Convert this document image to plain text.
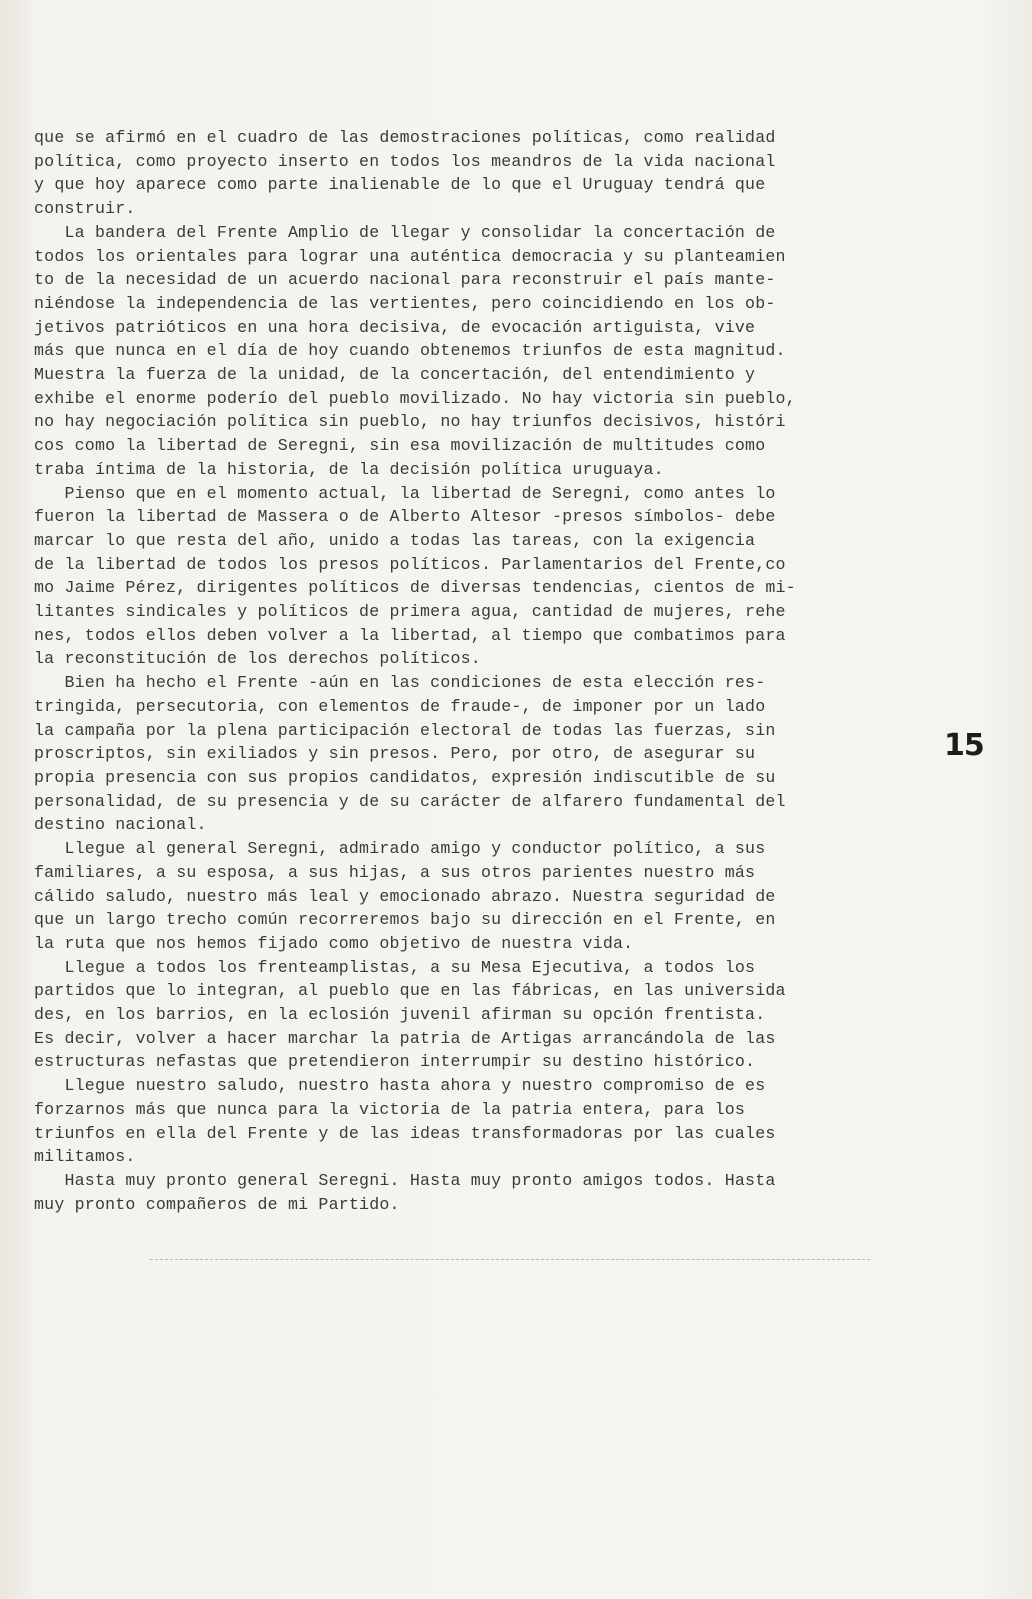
que se afirmó en el cuadro de las demostraciones políticas, como realidad

política, como proyecto inserto en todos los meandros de la vida nacional

y que hoy aparece como parte inalienable de lo que el Uruguay tendrá que

construir.

La bandera del Frente Amplio de llegar y consolidar la concertación de

todos los orientales para lograr una auténtica democracia y su planteamien

to de la necesidad de un acuerdo nacional para reconstruir el país mante-

niéndose la independencia de las vertientes, pero coincidiendo en los ob-

jetivos patrióticos en una hora decisiva, de evocación artiguista, vive

más que nunca en el día de hoy cuando obtenemos triunfos de esta magnitud.

Muestra la fuerza de la unidad, de la concertación, del entendimiento y

exhibe el enorme poderío del pueblo movilizado. No hay victoria sin pueblo,

no hay negociación política sin pueblo, no hay triunfos decisivos, históri

cos como la libertad de Seregni, sin esa movilización de multitudes como

traba íntima de la historia, de la decisión política uruguaya.

Pienso que en el momento actual, la libertad de Seregni, como antes lo

fueron la libertad de Massera o de Alberto Altesor -presos símbolos- debe

marcar lo que resta del año, unido a todas las tareas, con la exigencia

de la libertad de todos los presos políticos. Parlamentarios del Frente,co

mo Jaime Pérez, dirigentes políticos de diversas tendencias, cientos de mi-

litantes sindicales y políticos de primera agua, cantidad de mujeres, rehe

nes, todos ellos deben volver a la libertad, al tiempo que combatimos para

la reconstitución de los derechos políticos.

Bien ha hecho el Frente -aún en las condiciones de esta elección res-

tringida, persecutoria, con elementos de fraude-, de imponer por un lado

la campaña por la plena participación electoral de todas las fuerzas, sin

proscriptos, sin exiliados y sin presos. Pero, por otro, de asegurar su

propia presencia con sus propios candidatos, expresión indiscutible de su

personalidad, de su presencia y de su carácter de alfarero fundamental del

destino nacional.

Llegue al general Seregni, admirado amigo y conductor político, a sus

familiares, a su esposa, a sus hijas, a sus otros parientes nuestro más

cálido saludo, nuestro más leal y emocionado abrazo. Nuestra seguridad de

que un largo trecho común recorreremos bajo su dirección en el Frente, en

la ruta que nos hemos fijado como objetivo de nuestra vida.

Llegue a todos los frenteamplistas, a su Mesa Ejecutiva, a todos los

partidos que lo integran, al pueblo que en las fábricas, en las universida

des, en los barrios, en la eclosión juvenil afirman su opción frentista.

Es decir, volver a hacer marchar la patria de Artigas arrancándola de las

estructuras nefastas que pretendieron interrumpir su destino histórico.

Llegue nuestro saludo, nuestro hasta ahora y nuestro compromiso de es

forzarnos más que nunca para la victoria de la patria entera, para los

triunfos en ella del Frente y de las ideas transformadoras por las cuales

militamos.

Hasta muy pronto general Seregni. Hasta muy pronto amigos todos. Hasta

muy pronto compañeros de mi Partido.

15
